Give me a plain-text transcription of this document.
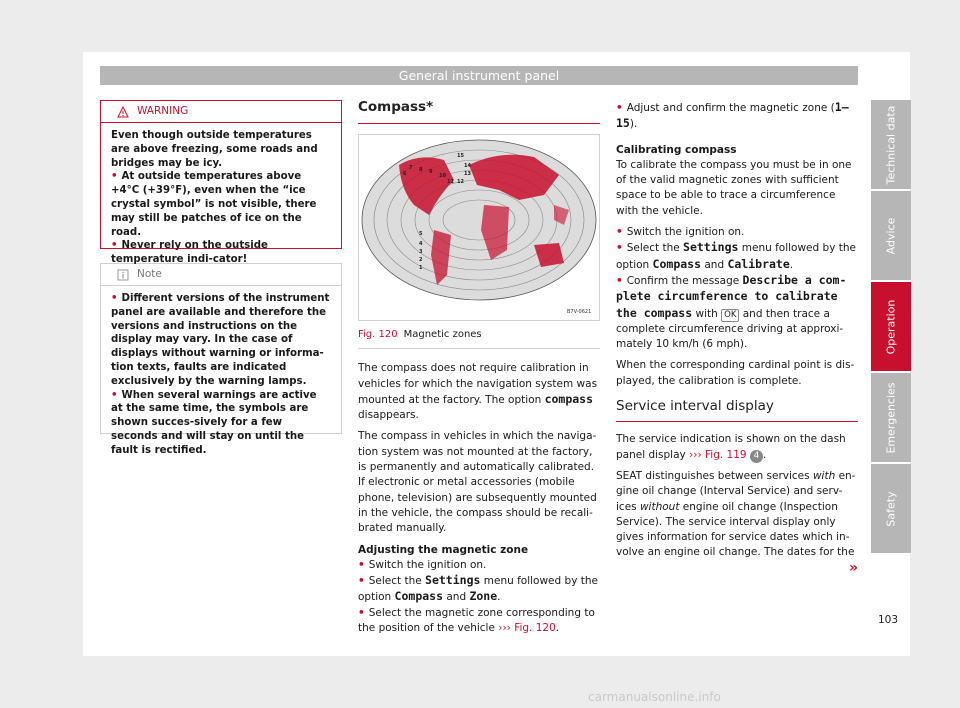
General instrument panel
WARNING

Even though outside temperatures are above freezing, some roads and bridges may be icy.

• At outside temperatures above +4°C (+39°F), even when the “ice crystal symbol” is not visible, there may still be patches of ice on the road.

• Never rely on the outside temperature indi-cator!

Note

• Different versions of the instrument panel are available and therefore the versions and instructions on the display may vary. In the case of displays without warning or informa-tion texts, faults are indicated exclusively by the warning lamps.

• When several warnings are active at the same time, the symbols are shown succes-sively for a few seconds and will stay on until the fault is rectified.

Compass*
15
14
13
12
11
10
9
8
7
6
5
4
3
2
1
B7V-0621
Fig. 120 Magnetic zones

The compass does not require calibration in vehicles for which the navigation system was mounted at the factory. The option compass disappears.

The compass in vehicles in which the naviga-tion system was not mounted at the factory, is permanently and automatically calibrated. If electronic or metal accessories (mobile phone, television) are subsequently mounted in the vehicle, the compass should be recali-brated manually.

Adjusting the magnetic zone

• Switch the ignition on.

• Select the Settings menu followed by the option Compass and Zone.

• Select the magnetic zone corresponding to the position of the vehicle ››› Fig. 120.

• Adjust and confirm the magnetic zone (1–15).

Calibrating compass

To calibrate the compass you must be in one of the valid magnetic zones with sufficient space to be able to trace a circumference with the vehicle.

• Switch the ignition on.

• Select the Settings menu followed by the option Compass and Calibrate.

• Confirm the message Describe a com-plete circumference to calibrate the compass with OK and then trace a complete circumference driving at approxi-mately 10 km/h (6 mph).

When the corresponding cardinal point is dis-played, the calibration is complete.

Service interval display

The service indication is shown on the dash panel display ››› Fig. 119 4 .

SEAT distinguishes between services with en-gine oil change (Interval Service) and serv-ices without engine oil change (Inspection Service). The service interval display only gives information for service dates which in-volve an engine oil change. The dates for the
»

Technical data
Advice
Operation
Emergencies
Safety
103
carmanualsonline.info
